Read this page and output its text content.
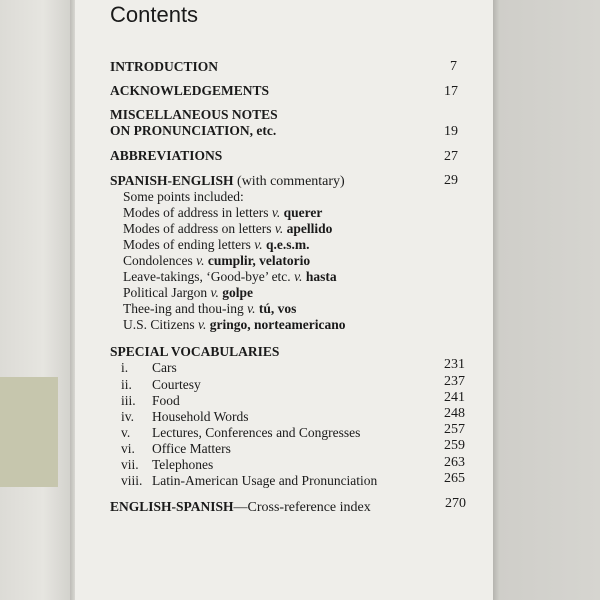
Contents
INTRODUCTION	7
ACKNOWLEDGEMENTS	17
MISCELLANEOUS NOTES
ON PRONUNCIATION, etc.	19
ABBREVIATIONS	27
SPANISH-ENGLISH (with commentary)	29
Some points included:
Modes of address in letters v. querer
Modes of address on letters v. apellido
Modes of ending letters v. q.e.s.m.
Condolences v. cumplir, velatorio
Leave-takings, ‘Good-bye’ etc. v. hasta
Political Jargon v. golpe
Thee-ing and thou-ing v. tú, vos
U.S. Citizens v. gringo, norteamericano
SPECIAL VOCABULARIES
i. Cars	231
ii. Courtesy	237
iii. Food	241
iv. Household Words	248
v. Lectures, Conferences and Congresses	257
vi. Office Matters	259
vii. Telephones	263
viii. Latin-American Usage and Pronunciation	265
ENGLISH-SPANISH—Cross-reference index	270
